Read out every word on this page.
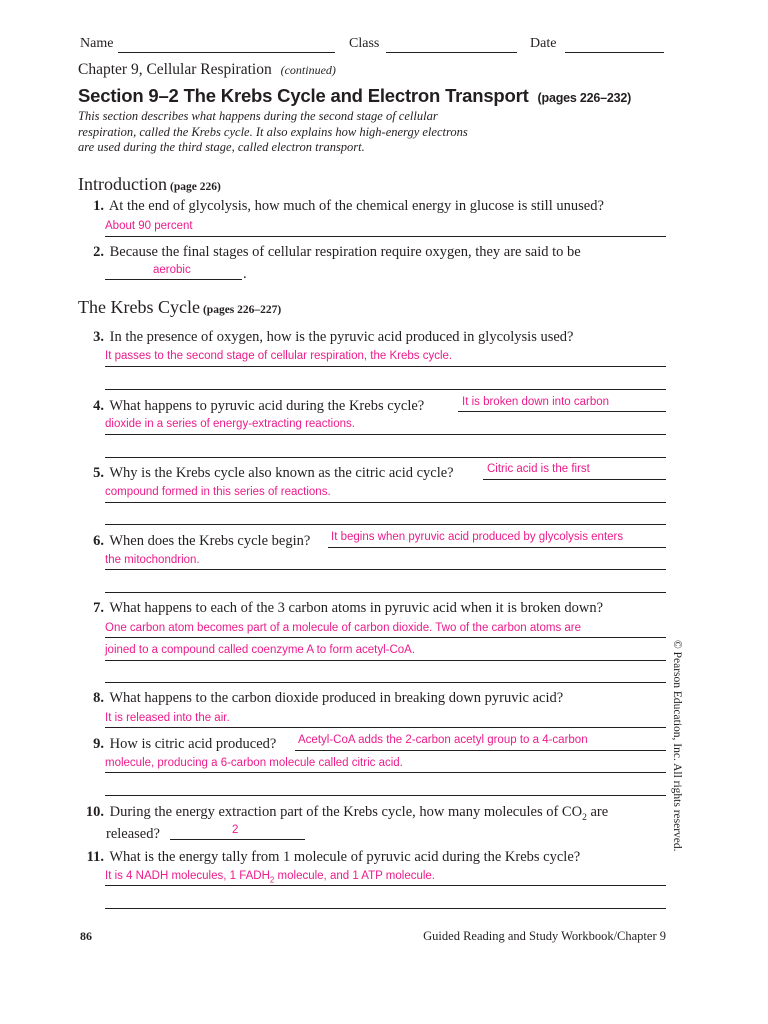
Name	Class	Date
Chapter 9, Cellular Respiration (continued)
Section 9–2 The Krebs Cycle and Electron Transport (pages 226–232)
This section describes what happens during the second stage of cellular
respiration, called the Krebs cycle. It also explains how high-energy electrons
are used during the third stage, called electron transport.
Introduction (page 226)
1. At the end of glycolysis, how much of the chemical energy in glucose is still unused?
About 90 percent
2. Because the final stages of cellular respiration require oxygen, they are said to be
aerobic	.
The Krebs Cycle (pages 226–227)
3. In the presence of oxygen, how is the pyruvic acid produced in glycolysis used?
It passes to the second stage of cellular respiration, the Krebs cycle.
4. What happens to pyruvic acid during the Krebs cycle?	It is broken down into carbon
dioxide in a series of energy-extracting reactions.
5. Why is the Krebs cycle also known as the citric acid cycle?	Citric acid is the first
compound formed in this series of reactions.
6. When does the Krebs cycle begin? It begins when pyruvic acid produced by glycolysis enters
the mitochondrion.
7. What happens to each of the 3 carbon atoms in pyruvic acid when it is broken down?
One carbon atom becomes part of a molecule of carbon dioxide. Two of the carbon atoms are
joined to a compound called coenzyme A to form acetyl-CoA.
8. What happens to the carbon dioxide produced in breaking down pyruvic acid?
It is released into the air.
9. How is citric acid produced? Acetyl-CoA adds the 2-carbon acetyl group to a 4-carbon
molecule, producing a 6-carbon molecule called citric acid.
10. During the energy extraction part of the Krebs cycle, how many molecules of $CO_2$ are
released?	2
11. What is the energy tally from 1 molecule of pyruvic acid during the Krebs cycle?
It is 4 NADH molecules, 1 $FADH_2$ molecule, and 1 ATP molecule.
86	Guided Reading and Study Workbook/Chapter 9
© Pearson Education, Inc. All rights reserved.
